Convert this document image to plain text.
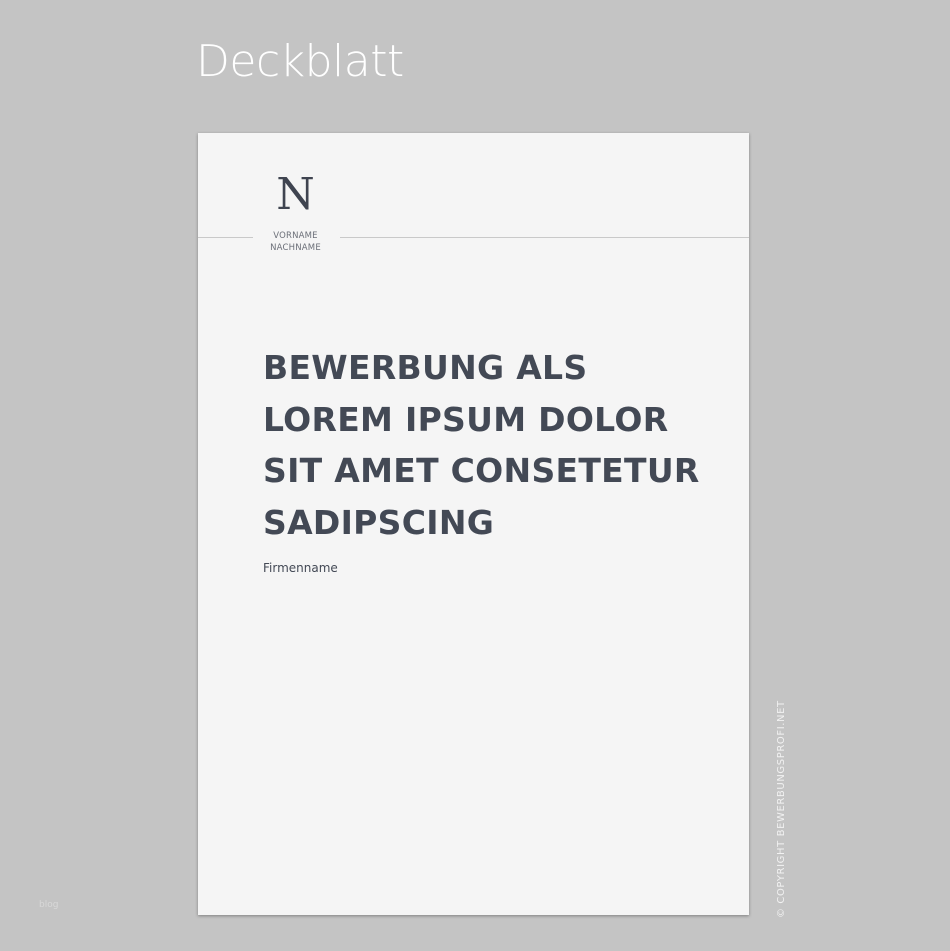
Deckblatt
N
VORNAME
NACHNAME
BEWERBUNG ALS
LOREM IPSUM DOLOR
SIT AMET CONSETETUR
SADIPSCING
Firmenname
© COPYRIGHT BEWERBUNGSPROFI.NET
blog
